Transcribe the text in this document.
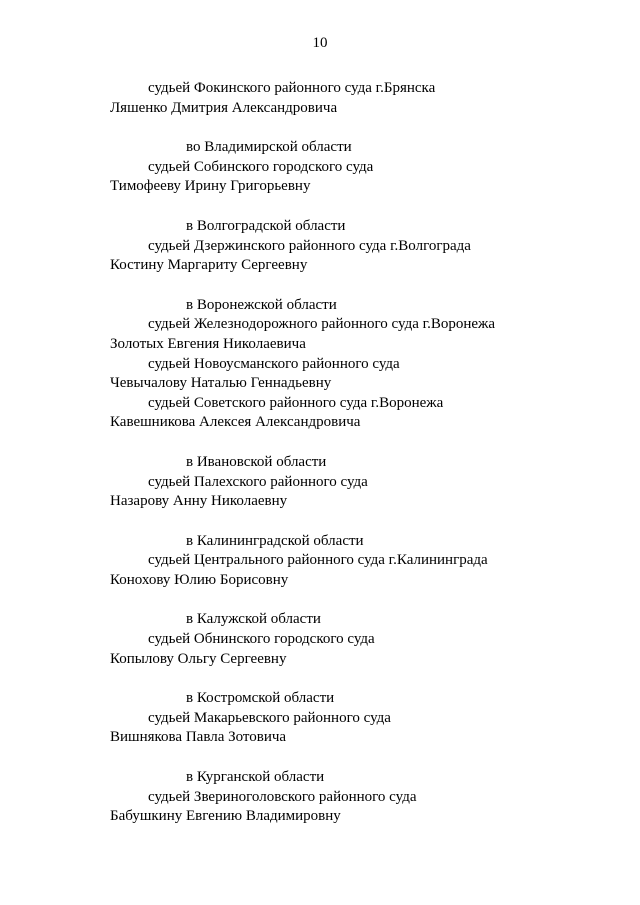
10
судьей Фокинского районного суда г.Брянска
Ляшенко Дмитрия Александровича
во Владимирской области
судьей Собинского городского суда
Тимофееву Ирину Григорьевну
в Волгоградской области
судьей Дзержинского районного суда г.Волгограда
Костину Маргариту Сергеевну
в Воронежской области
судьей Железнодорожного районного суда г.Воронежа
Золотых Евгения Николаевича
судьей Новоусманского районного суда
Чевычалову Наталью Геннадьевну
судьей Советского районного суда г.Воронежа
Кавешникова Алексея Александровича
в Ивановской области
судьей Палехского районного суда
Назарову Анну Николаевну
в Калининградской области
судьей Центрального районного суда г.Калининграда
Конохову Юлию Борисовну
в Калужской области
судьей Обнинского городского суда
Копылову Ольгу Сергеевну
в Костромской области
судьей Макарьевского районного суда
Вишнякова Павла Зотовича
в Курганской области
судьей Звериноголовского районного суда
Бабушкину Евгению Владимировну
